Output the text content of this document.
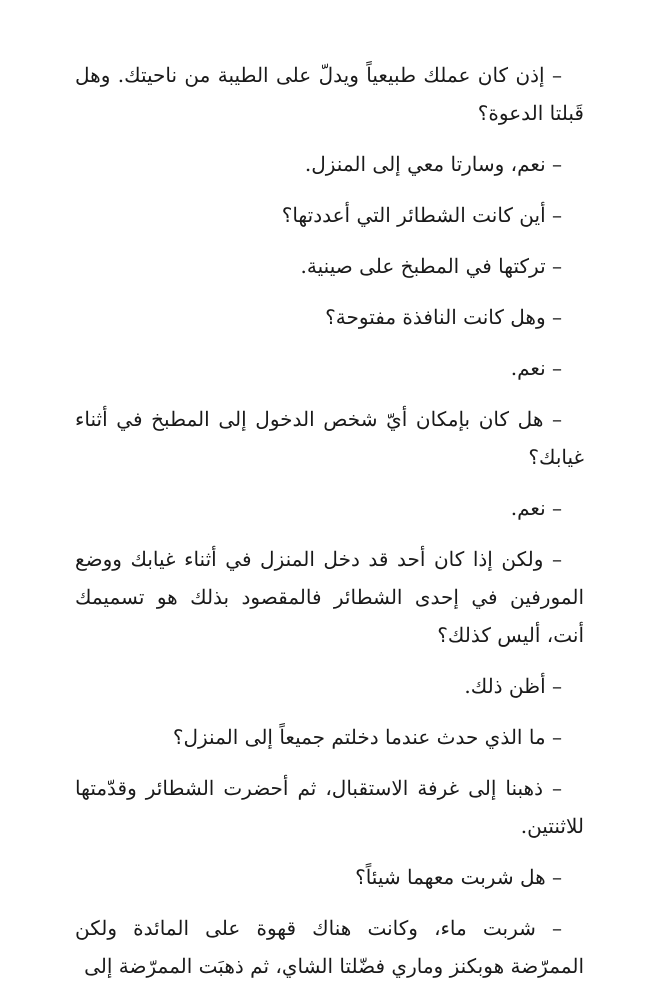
– إذن كان عملك طبيعياً ويدلّ على الطيبة من ناحيتك. وهل قَبلتا الدعوة؟

– نعم، وسارتا معي إلى المنزل.

– أين كانت الشطائر التي أعددتها؟

– تركتها في المطبخ على صينية.

– وهل كانت النافذة مفتوحة؟

– نعم.

– هل كان بإمكان أيّ شخص الدخول إلى المطبخ في أثناء غيابك؟

– نعم.

– ولكن إذا كان أحد قد دخل المنزل في أثناء غيابك ووضع المورفين في إحدى الشطائر فالمقصود بذلك هو تسميمك أنت، أليس كذلك؟

– أظن ذلك.

– ما الذي حدث عندما دخلتم جميعاً إلى المنزل؟

– ذهبنا إلى غرفة الاستقبال، ثم أحضرت الشطائر وقدّمتها للاثنتين.

– هل شربت معهما شيئاً؟

– شربت ماء، وكانت هناك قهوة على المائدة ولكن الممرّضة هوبكنز وماري فضّلتا الشاي، ثم ذهبَت الممرّضة إلى
